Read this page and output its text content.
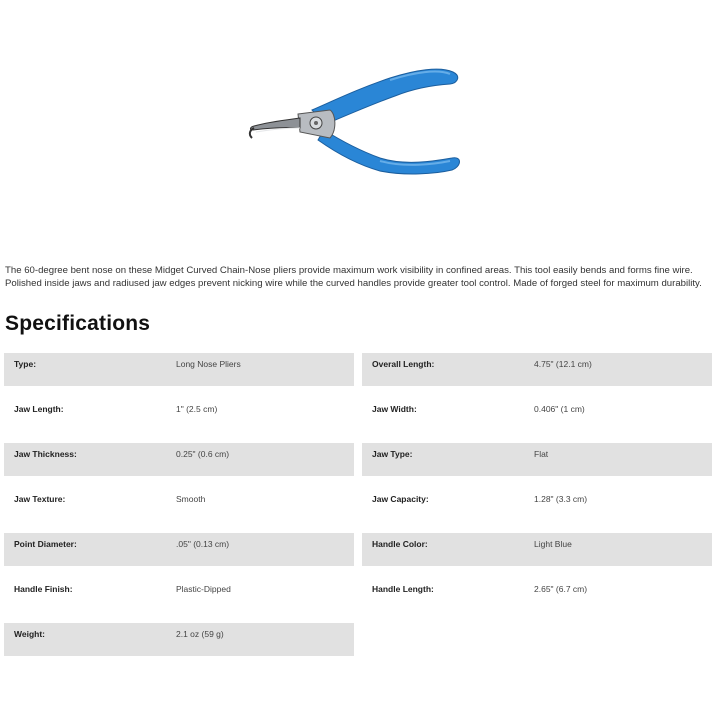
The 60-degree bent nose on these Midget Curved Chain-Nose pliers provide maximum work visibility in confined areas. This tool easily bends and forms fine wire. Polished inside jaws and radiused jaw edges prevent nicking wire while the curved handles provide greater tool control. Made of forged steel for maximum durability.

Specifications
Type:	Long Nose Pliers	Overall Length:	4.75" (12.1 cm)
Jaw Length:	1" (2.5 cm)	Jaw Width:	0.406" (1 cm)
Jaw Thickness:	0.25" (0.6 cm)	Jaw Type:	Flat
Jaw Texture:	Smooth	Jaw Capacity:	1.28" (3.3 cm)
Point Diameter:	.05" (0.13 cm)	Handle Color:	Light Blue
Handle Finish:	Plastic-Dipped	Handle Length:	2.65" (6.7 cm)
Weight:	2.1 oz (59 g)
